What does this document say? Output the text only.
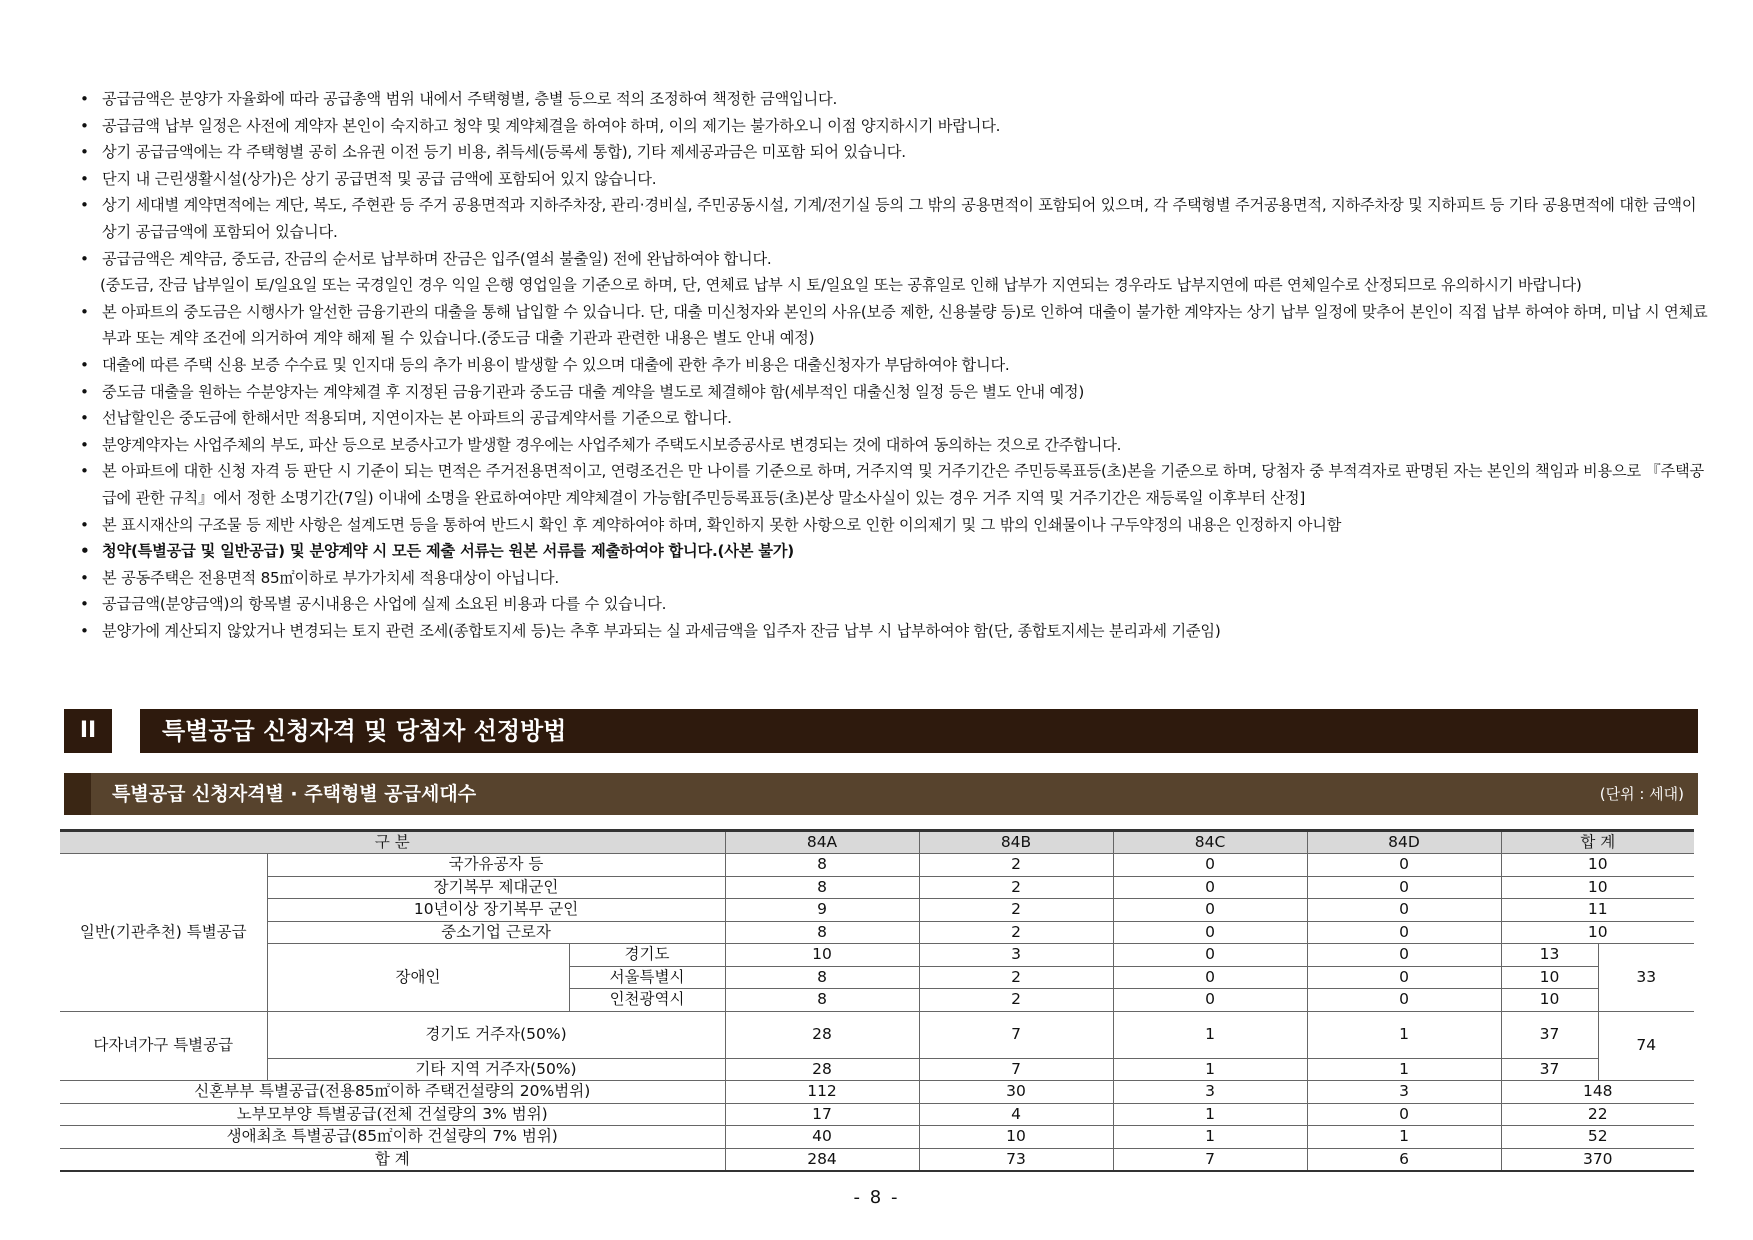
• 공급금액은 분양가 자율화에 따라 공급총액 범위 내에서 주택형별, 층별 등으로 적의 조정하여 책정한 금액입니다.
• 공급금액 납부 일정은 사전에 계약자 본인이 숙지하고 청약 및 계약체결을 하여야 하며, 이의 제기는 불가하오니 이점 양지하시기 바랍니다.
• 상기 공급금액에는 각 주택형별 공히 소유권 이전 등기 비용, 취득세(등록세 통합), 기타 제세공과금은 미포함 되어 있습니다.
• 단지 내 근린생활시설(상가)은 상기 공급면적 및 공급 금액에 포함되어 있지 않습니다.
• 상기 세대별 계약면적에는 계단, 복도, 주현관 등 주거 공용면적과 지하주차장, 관리·경비실, 주민공동시설, 기계/전기실 등의 그 밖의 공용면적이 포함되어 있으며, 각 주택형별 주거공용면적, 지하주차장 및 지하피트 등 기타 공용면적에 대한 금액이 상기 공급금액에 포함되어 있습니다.
• 공급금액은 계약금, 중도금, 잔금의 순서로 납부하며 잔금은 입주(열쇠 불출일) 전에 완납하여야 합니다.
(중도금, 잔금 납부일이 토/일요일 또는 국경일인 경우 익일 은행 영업일을 기준으로 하며, 단, 연체료 납부 시 토/일요일 또는 공휴일로 인해 납부가 지연되는 경우라도 납부지연에 따른 연체일수로 산정되므로 유의하시기 바랍니다)
• 본 아파트의 중도금은 시행사가 알선한 금융기관의 대출을 통해 납입할 수 있습니다. 단, 대출 미신청자와 본인의 사유(보증 제한, 신용불량 등)로 인하여 대출이 불가한 계약자는 상기 납부 일정에 맞추어 본인이 직접 납부 하여야 하며, 미납 시 연체료 부과 또는 계약 조건에 의거하여 계약 해제 될 수 있습니다.(중도금 대출 기관과 관련한 내용은 별도 안내 예정)
• 대출에 따른 주택 신용 보증 수수료 및 인지대 등의 추가 비용이 발생할 수 있으며 대출에 관한 추가 비용은 대출신청자가 부담하여야 합니다.
• 중도금 대출을 원하는 수분양자는 계약체결 후 지정된 금융기관과 중도금 대출 계약을 별도로 체결해야 함(세부적인 대출신청 일정 등은 별도 안내 예정)
• 선납할인은 중도금에 한해서만 적용되며, 지연이자는 본 아파트의 공급계약서를 기준으로 합니다.
• 분양계약자는 사업주체의 부도, 파산 등으로 보증사고가 발생할 경우에는 사업주체가 주택도시보증공사로 변경되는 것에 대하여 동의하는 것으로 간주합니다.
• 본 아파트에 대한 신청 자격 등 판단 시 기준이 되는 면적은 주거전용면적이고, 연령조건은 만 나이를 기준으로 하며, 거주지역 및 거주기간은 주민등록표등(초)본을 기준으로 하며, 당첨자 중 부적격자로 판명된 자는 본인의 책임과 비용으로 『주택공급에 관한 규칙』에서 정한 소명기간(7일) 이내에 소명을 완료하여야만 계약체결이 가능함[주민등록표등(초)본상 말소사실이 있는 경우 거주 지역 및 거주기간은 재등록일 이후부터 산정]
• 본 표시재산의 구조물 등 제반 사항은 설계도면 등을 통하여 반드시 확인 후 계약하여야 하며, 확인하지 못한 사항으로 인한 이의제기 및 그 밖의 인쇄물이나 구두약정의 내용은 인정하지 아니함
• 청약(특별공급 및 일반공급) 및 분양계약 시 모든 제출 서류는 원본 서류를 제출하여야 합니다.(사본 불가)
• 본 공동주택은 전용면적 85㎡이하로 부가가치세 적용대상이 아닙니다.
• 공급금액(분양금액)의 항목별 공시내용은 사업에 실제 소요된 비용과 다를 수 있습니다.
• 분양가에 계산되지 않았거나 변경되는 토지 관련 조세(종합토지세 등)는 추후 부과되는 실 과세금액을 입주자 잔금 납부 시 납부하여야 함(단, 종합토지세는 분리과세 기준임)
II	특별공급 신청자격 및 당첨자 선정방법
특별공급 신청자격별 · 주택형별 공급세대수	(단위 : 세대)
구 분			84A	84B	84C	84D	합 계	
일반(기관추천) 특별공급	국가유공자 등		8	2	0	0	10	
	장기복무 제대군인		8	2	0	0	10	
	10년이상 장기복무 군인		9	2	0	0	11	
	중소기업 근로자		8	2	0	0	10	
	장애인	경기도	10	3	0	0	13	33
		서울특별시	8	2	0	0	10	
		인천광역시	8	2	0	0	10	
다자녀가구 특별공급	경기도 거주자(50%)		28	7	1	1	37	74
	기타 지역 거주자(50%)		28	7	1	1	37	
신혼부부 특별공급(전용85㎡이하 주택건설량의 20%범위)			112	30	3	3	148	
노부모부양 특별공급(전체 건설량의 3% 범위)			17	4	1	0	22	
생애최초 특별공급(85㎡이하 건설량의 7% 범위)			40	10	1	1	52	
합 계			284	73	7	6	370	
- 8 -
